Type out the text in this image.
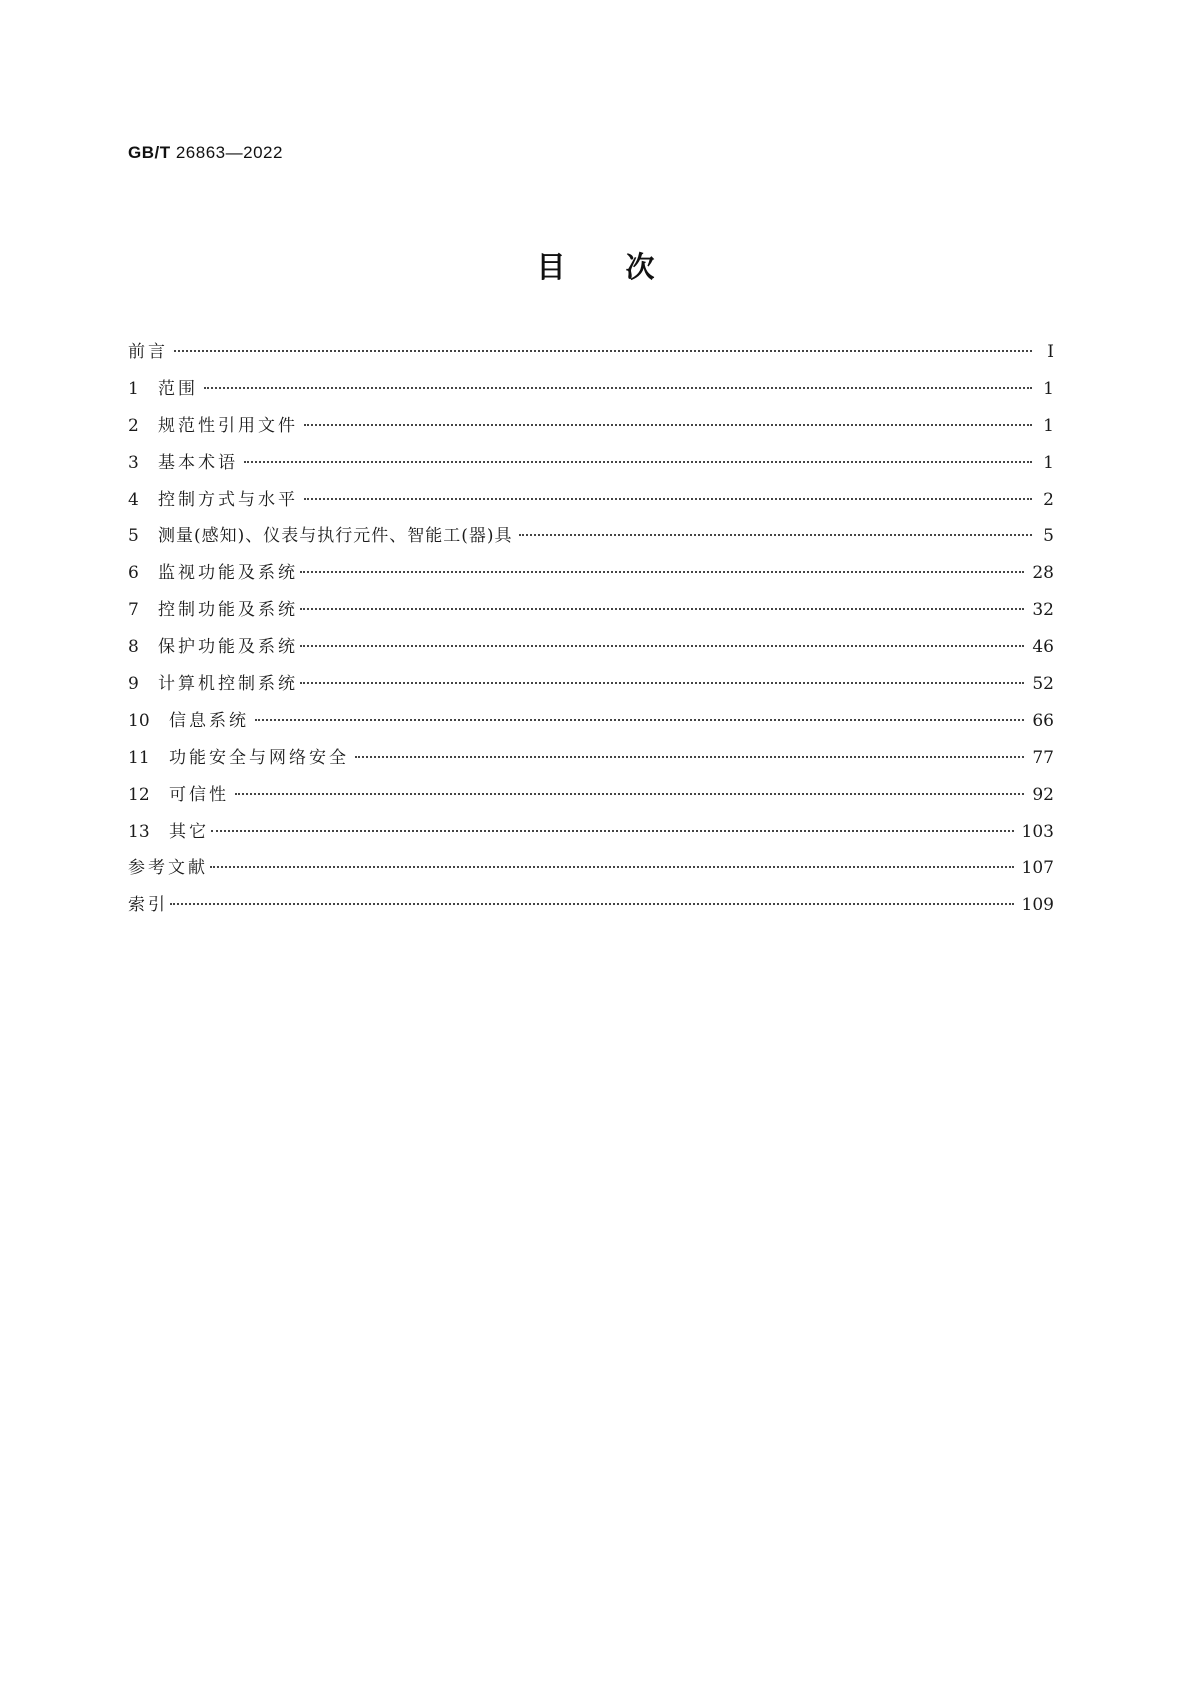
GB/T 26863—2022
目次
前言	Ⅰ
1	范围	1
2	规范性引用文件	1
3	基本术语	1
4	控制方式与水平	2
5	测量(感知)、仪表与执行元件、智能工(器)具	5
6	监视功能及系统	28
7	控制功能及系统	32
8	保护功能及系统	46
9	计算机控制系统	52
10	信息系统	66
11	功能安全与网络安全	77
12	可信性	92
13	其它	103
参考文献	107
索引	109
